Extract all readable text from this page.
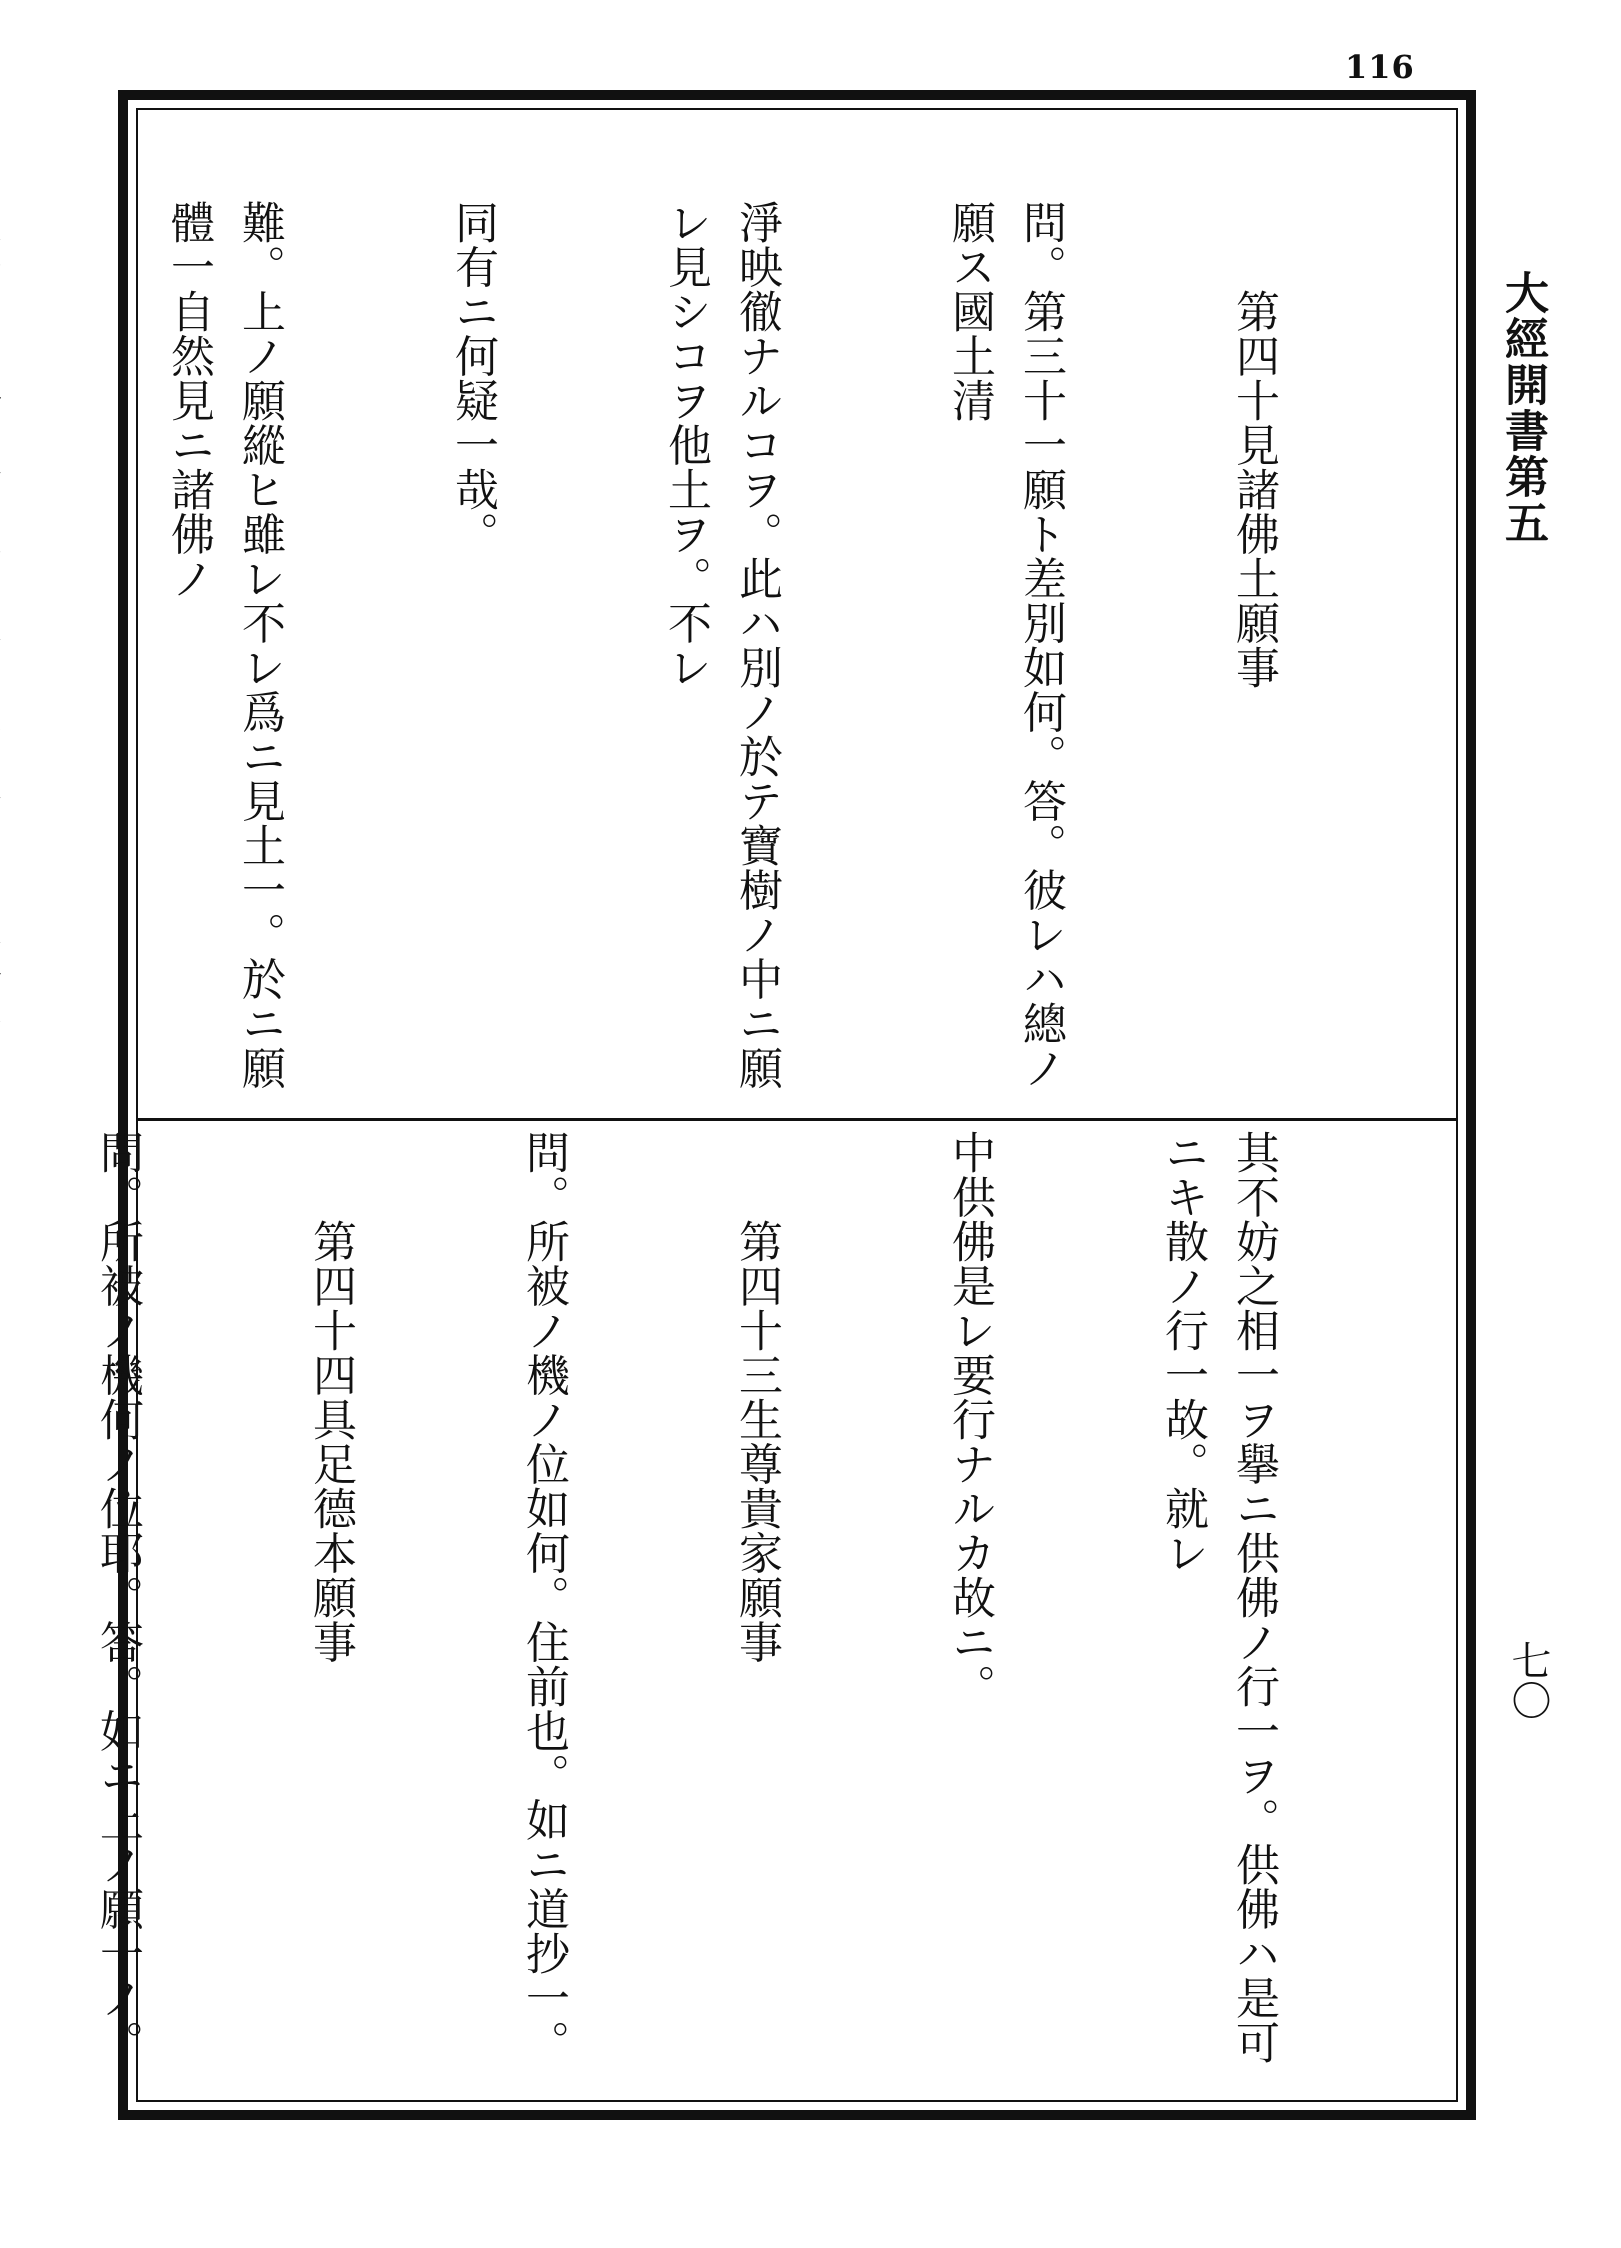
116
大經開書第五
七〇

　　第四十見諸佛土願事

問。第三十一願ト差別如何。答。彼レハ總ノ願ス國土清

淨映徹ナルコヲ。此ハ別ノ於テ寶樹ノ中ニ願レ見シコヲ他土ヲ。不レ

同有ニ何疑一哉。

難。上ノ願縱ヒ雖レ不レ爲ニ見土一。於ニ願體一自然見ニ諸佛ノ

其不妨之相一ヲ擧ニ供佛ノ行一ヲ。供佛ハ是可ニキ散ノ行一故。就レ

中供佛是レ要行ナルカ故ニ。

　　第四十三生尊貴家願事

問。所被ノ機ノ位如何。住前也。如ニ道抄一。

　　第四十四具足德本願事

問。所被ノ機何ノ位耶。答。如ニ上ノ願一ノ。
